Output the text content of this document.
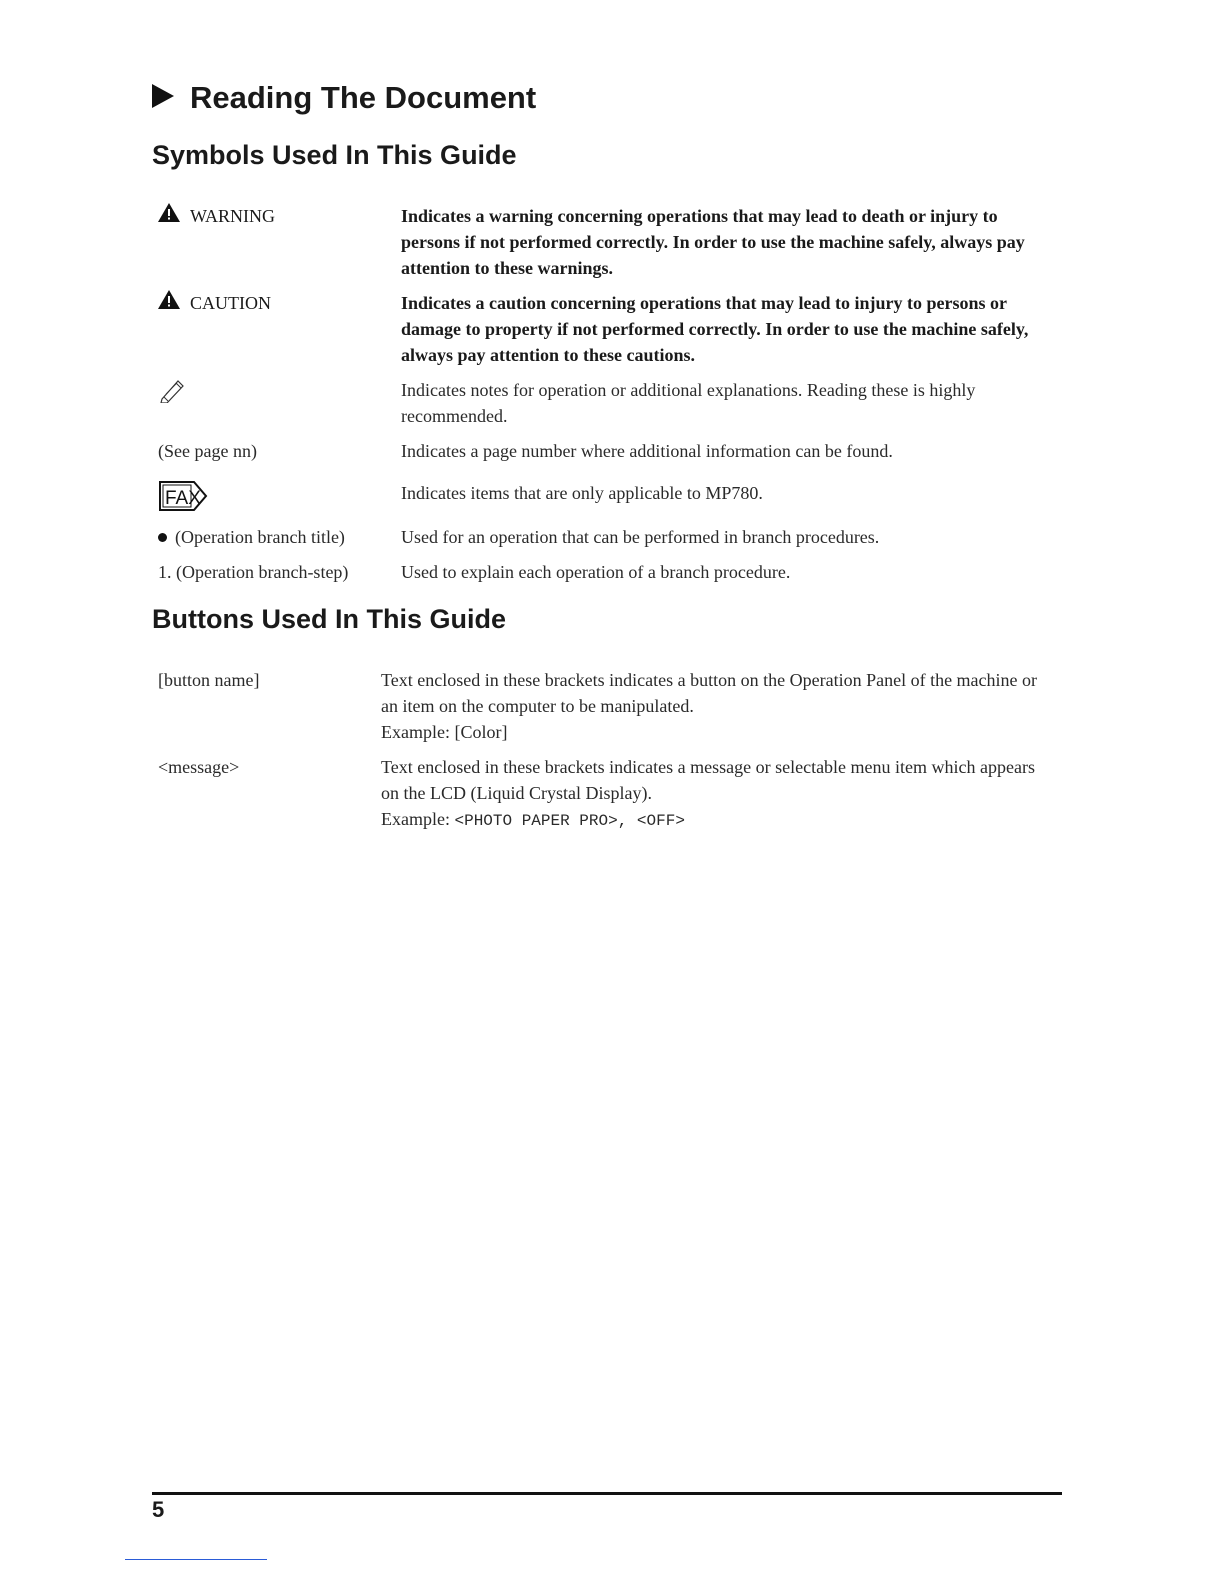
Reading The Document
Symbols Used In This Guide
WARNING	Indicates a warning concerning operations that may lead to death or injury to persons if not performed correctly. In order to use the machine safely, always pay attention to these warnings.
CAUTION	Indicates a caution concerning operations that may lead to injury to persons or damage to property if not performed correctly. In order to use the machine safely, always pay attention to these cautions.
Indicates notes for operation or additional explanations. Reading these is highly recommended.
(See page nn)	Indicates a page number where additional information can be found.
FAX	Indicates items that are only applicable to MP780.
(Operation branch title)	Used for an operation that can be performed in branch procedures.
1. (Operation branch-step)	Used to explain each operation of a branch procedure.
Buttons Used In This Guide
[button name]	Text enclosed in these brackets indicates a button on the Operation Panel of the machine or an item on the computer to be manipulated.
Example: [Color]
<message>	Text enclosed in these brackets indicates a message or selectable menu item which appears on the LCD (Liquid Crystal Display).
Example: <PHOTO PAPER PRO>, <OFF>
5
